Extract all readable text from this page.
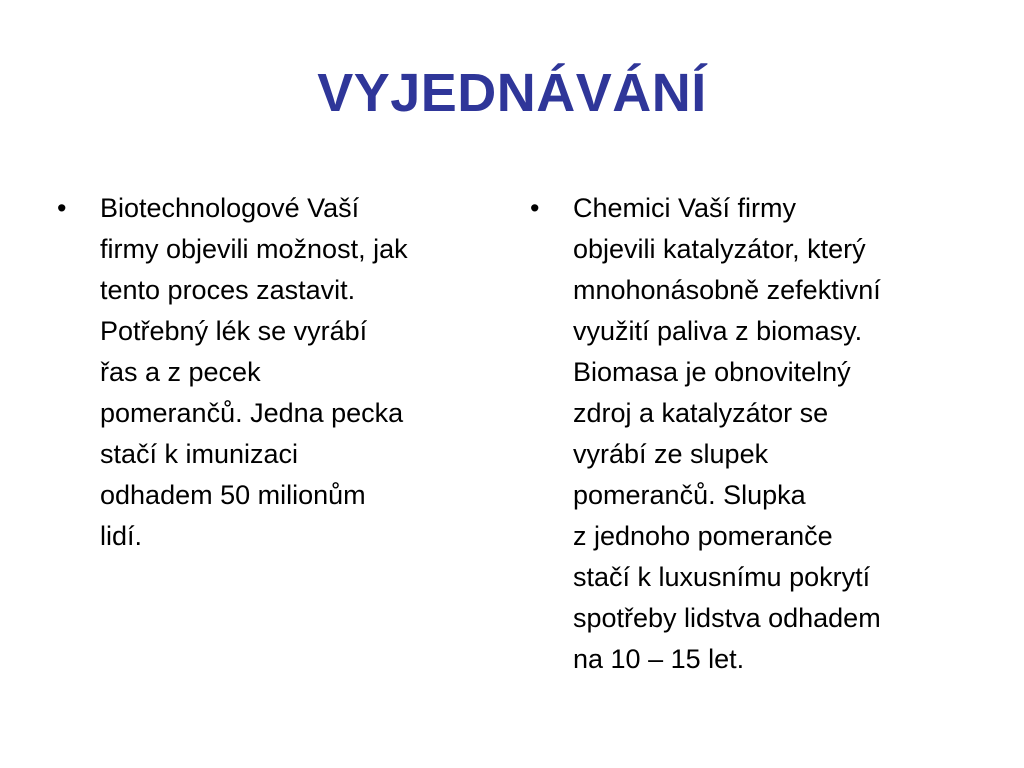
VYJEDNÁVÁNÍ
•	Biotechnologové Vaší
firmy objevili možnost, jak
tento proces zastavit.
Potřebný lék se vyrábí
řas a z pecek
pomerančů. Jedna pecka
stačí k imunizaci
odhadem 50 milionům
lidí.
•	Chemici Vaší firmy
objevili katalyzátor, který
mnohonásobně zefektivní
využití paliva z biomasy.
Biomasa je obnovitelný
zdroj a katalyzátor se
vyrábí ze slupek
pomerančů. Slupka
z jednoho pomeranče
stačí k luxusnímu pokrytí
spotřeby lidstva odhadem
na 10 – 15 let.
